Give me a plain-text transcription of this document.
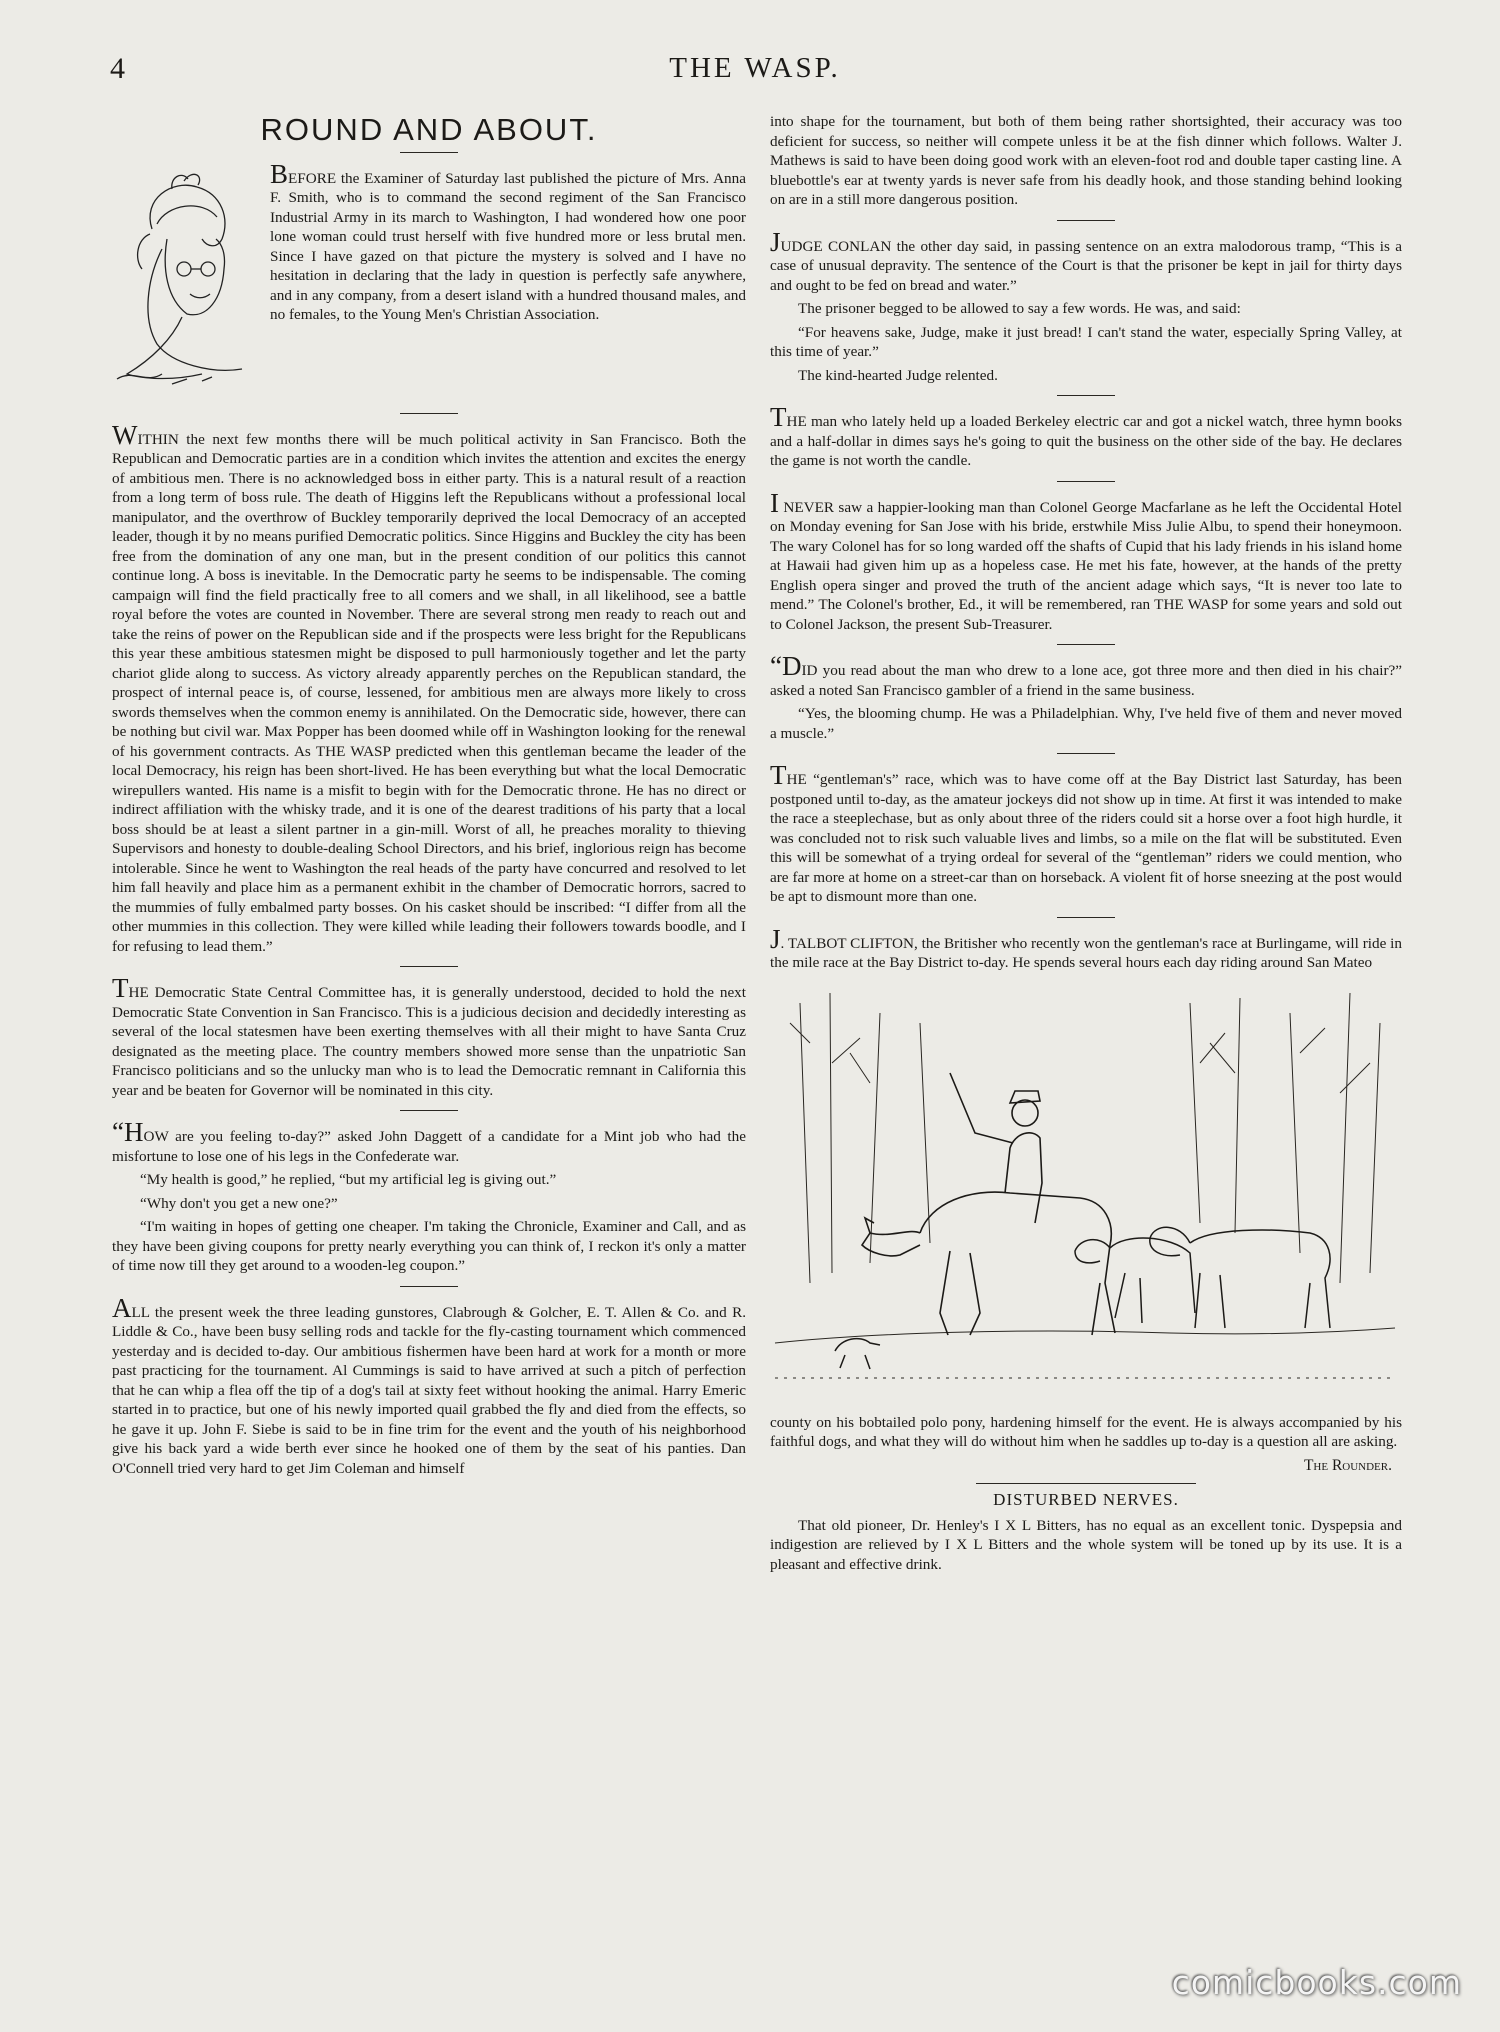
4	THE WASP.
ROUND AND ABOUT.

BEFORE the Examiner of Saturday last published the picture of Mrs. Anna F. Smith, who is to command the second regiment of the San Francisco Industrial Army in its march to Washington, I had wondered how one poor lone woman could trust herself with five hundred more or less brutal men. Since I have gazed on that picture the mystery is solved and I have no hesitation in declaring that the lady in question is perfectly safe anywhere, and in any company, from a desert island with a hundred thousand males, and no females, to the Young Men's Christian Association.

WITHIN the next few months there will be much political activity in San Francisco. Both the Republican and Democratic parties are in a condition which invites the attention and excites the energy of ambitious men. There is no acknowledged boss in either party. This is a natural result of a reaction from a long term of boss rule. The death of Higgins left the Republicans without a professional local manipulator, and the overthrow of Buckley temporarily deprived the local Democracy of an accepted leader, though it by no means purified Democratic politics. Since Higgins and Buckley the city has been free from the domination of any one man, but in the present condition of our politics this cannot continue long. A boss is inevitable. In the Democratic party he seems to be indispensable. The coming campaign will find the field practically free to all comers and we shall, in all likelihood, see a battle royal before the votes are counted in November. There are several strong men ready to reach out and take the reins of power on the Republican side and if the prospects were less bright for the Republicans this year these ambitious statesmen might be disposed to pull harmoniously together and let the party chariot glide along to success. As victory already apparently perches on the Republican standard, the prospect of internal peace is, of course, lessened, for ambitious men are always more likely to cross swords themselves when the common enemy is annihilated. On the Democratic side, however, there can be nothing but civil war. Max Popper has been doomed while off in Washington looking for the renewal of his government contracts. As THE WASP predicted when this gentleman became the leader of the local Democracy, his reign has been short-lived. He has been everything but what the local Democratic wirepullers wanted. His name is a misfit to begin with for the Democratic throne. He has no direct or indirect affiliation with the whisky trade, and it is one of the dearest traditions of his party that a local boss should be at least a silent partner in a gin-mill. Worst of all, he preaches morality to thieving Supervisors and honesty to double-dealing School Directors, and his brief, inglorious reign has become intolerable. Since he went to Washington the real heads of the party have concurred and resolved to let him fall heavily and place him as a permanent exhibit in the chamber of Democratic horrors, sacred to the mummies of fully embalmed party bosses. On his casket should be inscribed: “I differ from all the other mummies in this collection. They were killed while leading their followers towards boodle, and I for refusing to lead them.”

THE Democratic State Central Committee has, it is generally understood, decided to hold the next Democratic State Convention in San Francisco. This is a judicious decision and decidedly interesting as several of the local statesmen have been exerting themselves with all their might to have Santa Cruz designated as the meeting place. The country members showed more sense than the unpatriotic San Francisco politicians and so the unlucky man who is to lead the Democratic remnant in California this year and be beaten for Governor will be nominated in this city.

“HOW are you feeling to-day?” asked John Daggett of a candidate for a Mint job who had the misfortune to lose one of his legs in the Confederate war.

“My health is good,” he replied, “but my artificial leg is giving out.”

“Why don't you get a new one?”

“I'm waiting in hopes of getting one cheaper. I'm taking the Chronicle, Examiner and Call, and as they have been giving coupons for pretty nearly everything you can think of, I reckon it's only a matter of time now till they get around to a wooden-leg coupon.”

ALL the present week the three leading gunstores, Clabrough & Golcher, E. T. Allen & Co. and R. Liddle & Co., have been busy selling rods and tackle for the fly-casting tournament which commenced yesterday and is decided to-day. Our ambitious fishermen have been hard at work for a month or more past practicing for the tournament. Al Cummings is said to have arrived at such a pitch of perfection that he can whip a flea off the tip of a dog's tail at sixty feet without hooking the animal. Harry Emeric started in to practice, but one of his newly imported quail grabbed the fly and died from the effects, so he gave it up. John F. Siebe is said to be in fine trim for the event and the youth of his neighborhood give his back yard a wide berth ever since he hooked one of them by the seat of his panties. Dan O'Connell tried very hard to get Jim Coleman and himself

into shape for the tournament, but both of them being rather shortsighted, their accuracy was too deficient for success, so neither will compete unless it be at the fish dinner which follows. Walter J. Mathews is said to have been doing good work with an eleven-foot rod and double taper casting line. A bluebottle's ear at twenty yards is never safe from his deadly hook, and those standing behind looking on are in a still more dangerous position.

JUDGE CONLAN the other day said, in passing sentence on an extra malodorous tramp, “This is a case of unusual depravity. The sentence of the Court is that the prisoner be kept in jail for thirty days and ought to be fed on bread and water.”

The prisoner begged to be allowed to say a few words. He was, and said:

“For heavens sake, Judge, make it just bread! I can't stand the water, especially Spring Valley, at this time of year.”

The kind-hearted Judge relented.

THE man who lately held up a loaded Berkeley electric car and got a nickel watch, three hymn books and a half-dollar in dimes says he's going to quit the business on the other side of the bay. He declares the game is not worth the candle.

I NEVER saw a happier-looking man than Colonel George Macfarlane as he left the Occidental Hotel on Monday evening for San Jose with his bride, erstwhile Miss Julie Albu, to spend their honeymoon. The wary Colonel has for so long warded off the shafts of Cupid that his lady friends in his island home at Hawaii had given him up as a hopeless case. He met his fate, however, at the hands of the pretty English opera singer and proved the truth of the ancient adage which says, “It is never too late to mend.” The Colonel's brother, Ed., it will be remembered, ran THE WASP for some years and sold out to Colonel Jackson, the present Sub-Treasurer.

“DID you read about the man who drew to a lone ace, got three more and then died in his chair?” asked a noted San Francisco gambler of a friend in the same business.

“Yes, the blooming chump. He was a Philadelphian. Why, I've held five of them and never moved a muscle.”

THE “gentleman's” race, which was to have come off at the Bay District last Saturday, has been postponed until to-day, as the amateur jockeys did not show up in time. At first it was intended to make the race a steeplechase, but as only about three of the riders could sit a horse over a foot high hurdle, it was concluded not to risk such valuable lives and limbs, so a mile on the flat will be substituted. Even this will be somewhat of a trying ordeal for several of the “gentleman” riders we could mention, who are far more at home on a street-car than on horseback. A violent fit of horse sneezing at the post would be apt to dismount more than one.

J. TALBOT CLIFTON, the Britisher who recently won the gentleman's race at Burlingame, will ride in the mile race at the Bay District to-day. He spends several hours each day riding around San Mateo

county on his bobtailed polo pony, hardening himself for the event. He is always accompanied by his faithful dogs, and what they will do without him when he saddles up to-day is a question all are asking.

The Rounder.
DISTURBED NERVES.

That old pioneer, Dr. Henley's I X L Bitters, has no equal as an excellent tonic. Dyspepsia and indigestion are relieved by I X L Bitters and the whole system will be toned up by its use. It is a pleasant and effective drink.

comicbooks.com
